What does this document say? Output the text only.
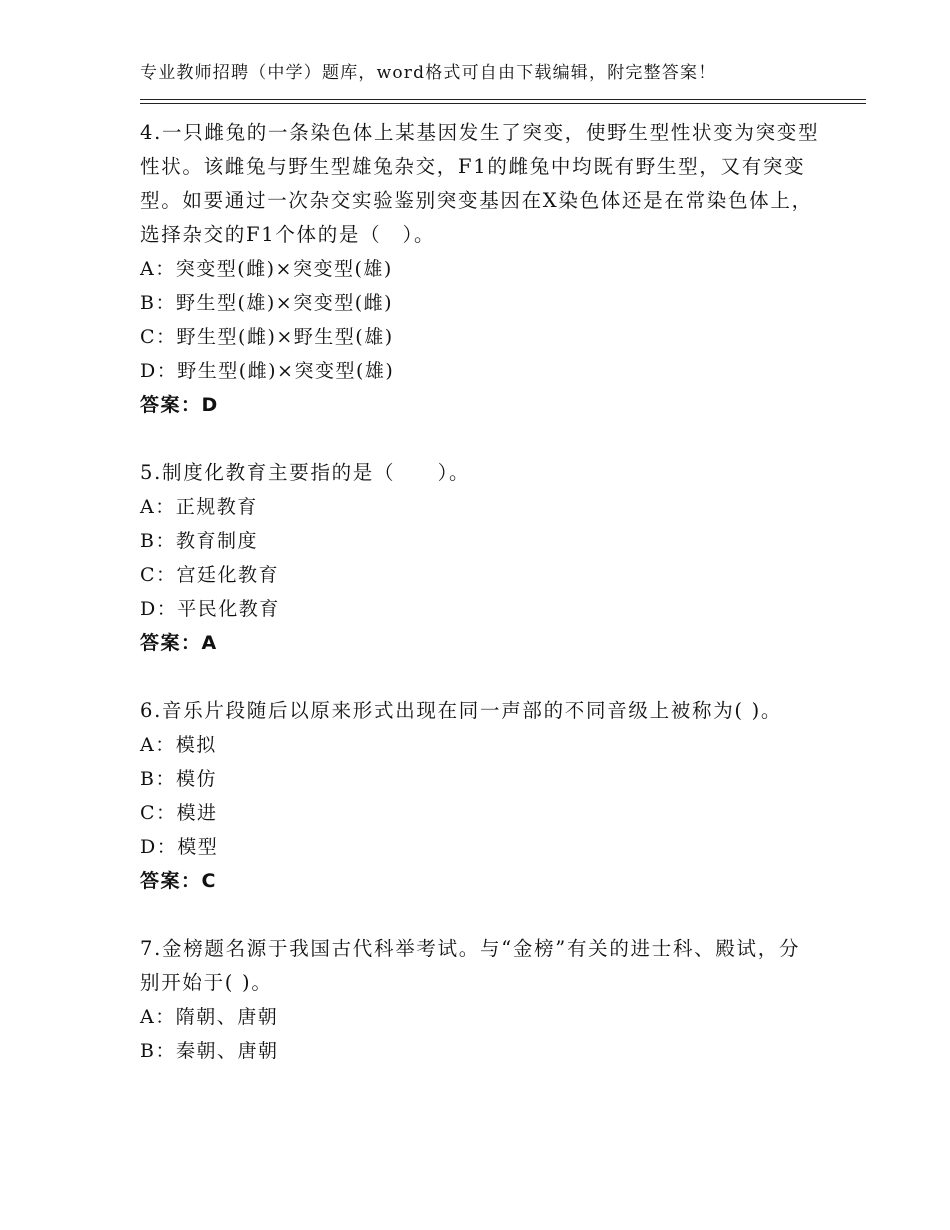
专业教师招聘（中学）题库，word格式可自由下载编辑，附完整答案！

4.一只雌兔的一条染色体上某基因发生了突变，使野生型性状变为突变型性状。该雌兔与野生型雄兔杂交，F1的雌兔中均既有野生型，又有突变型。如要通过一次杂交实验鉴别突变基因在X染色体还是在常染色体上，选择杂交的F1个体的是（　）。

A：突变型(雌)×突变型(雄)

B：野生型(雄)×突变型(雌)

C：野生型(雌)×野生型(雄)

D：野生型(雌)×突变型(雄)

答案：D

5.制度化教育主要指的是（　　）。

A：正规教育

B：教育制度

C：宫廷化教育

D：平民化教育

答案：A

6.音乐片段随后以原来形式出现在同一声部的不同音级上被称为( )。

A：模拟

B：模仿

C：模进

D：模型

答案：C

7.金榜题名源于我国古代科举考试。与“金榜”有关的进士科、殿试，分别开始于( )。

A：隋朝、唐朝

B：秦朝、唐朝
